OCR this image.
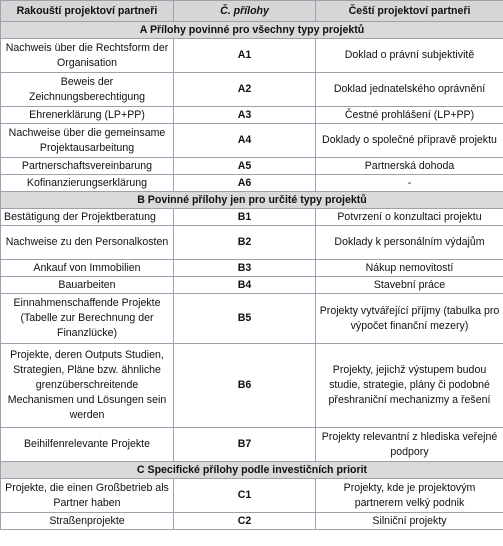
Rakouští projektoví partneři	Č. přílohy	Čeští projektoví partneři
A Přílohy povinné pro všechny typy projektů		
Nachweis über die Rechtsform der Organisation	A1	Doklad o právní subjektivitě
Beweis der Zeichnungsberechtigung	A2	Doklad jednatelského oprávnění
Ehrenerklärung (LP+PP)	A3	Čestné prohlášení (LP+PP)
Nachweise über die gemeinsame Projektausarbeitung	A4	Doklady o společné přípravě projektu
Partnerschaftsvereinbarung	A5	Partnerská dohoda
Kofinanzierungserklärung	A6	-
B Povinné přílohy jen pro určité typy projektů		
Bestätigung der Projektberatung	B1	Potvrzení o konzultaci projektu
Nachweise zu den Personalkosten	B2	Doklady k personálním výdajům
Ankauf von Immobilien	B3	Nákup nemovitostí
Bauarbeiten	B4	Stavební práce
Einnahmenschaffende Projekte (Tabelle zur Berechnung der Finanzlücke)	B5	Projekty vytvářející příjmy (tabulka pro výpočet finanční mezery)
Projekte, deren Outputs Studien, Strategien, Pläne bzw. ähnliche grenzüberschreitende Mechanismen und Lösungen sein werden	B6	Projekty, jejichž výstupem budou studie, strategie, plány či podobné přeshraniční mechanizmy a řešení
Beihilfenrelevante Projekte	B7	Projekty relevantní z hlediska veřejné podpory
C Specifické přílohy podle investičních priorit		
Projekte, die einen Großbetrieb als Partner haben	C1	Projekty, kde je projektovým partnerem velký podnik
Straßenprojekte	C2	Silniční projekty
